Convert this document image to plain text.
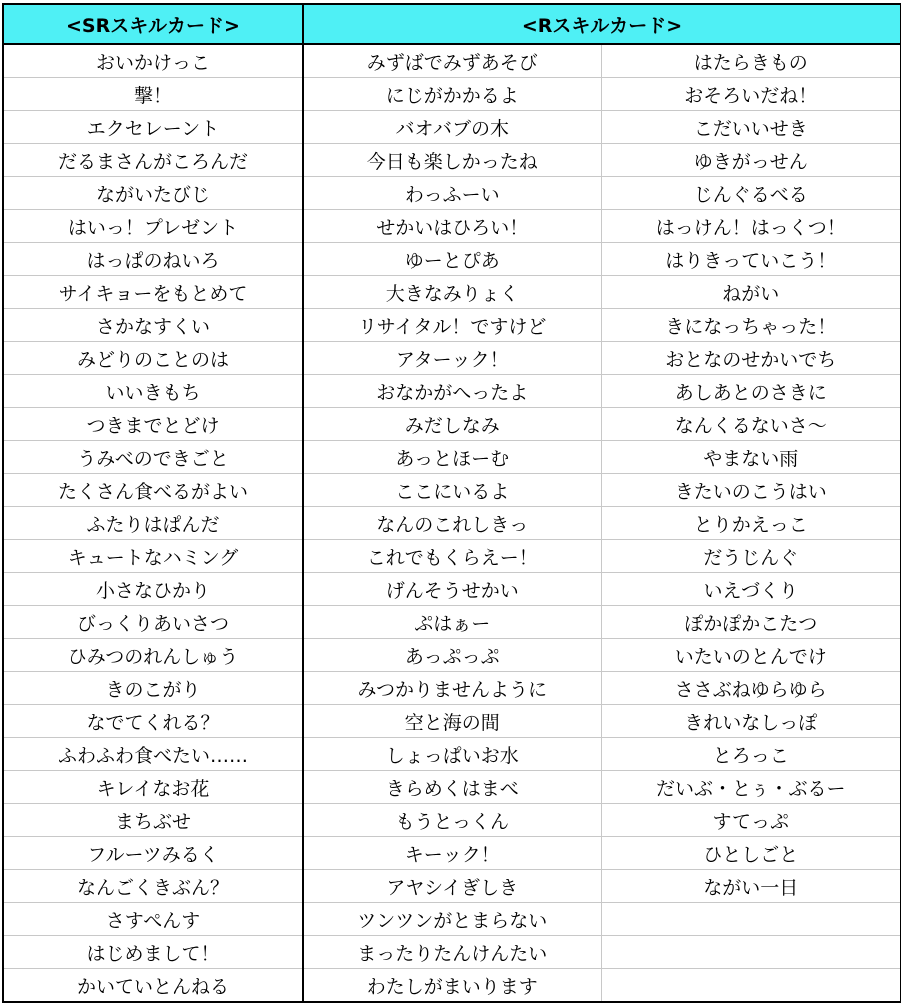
<SRスキルカード>	<Rスキルカード>	
おいかけっこ	みずばでみずあそび	はたらきもの
撃！	にじがかかるよ	おそろいだね！
エクセレーント	バオバブの木	こだいいせき
だるまさんがころんだ	今日も楽しかったね	ゆきがっせん
ながいたびじ	わっふーい	じんぐるべる
はいっ！プレゼント	せかいはひろい！	はっけん！はっくつ！
はっぱのねいろ	ゆーとぴあ	はりきっていこう！
サイキョーをもとめて	大きなみりょく	ねがい
さかなすくい	リサイタル！ですけど	きになっちゃった！
みどりのことのは	アターック！	おとなのせかいでち
いいきもち	おなかがへったよ	あしあとのさきに
つきまでとどけ	みだしなみ	なんくるないさ～
うみべのできごと	あっとほーむ	やまない雨
たくさん食べるがよい	ここにいるよ	きたいのこうはい
ふたりはぱんだ	なんのこれしきっ	とりかえっこ
キュートなハミング	これでもくらえー！	だうじんぐ
小さなひかり	げんそうせかい	いえづくり
びっくりあいさつ	ぷはぁー	ぽかぽかこたつ
ひみつのれんしゅう	あっぷっぷ	いたいのとんでけ
きのこがり	みつかりませんように	ささぶねゆらゆら
なでてくれる？	空と海の間	きれいなしっぽ
ふわふわ食べたい……	しょっぱいお水	とろっこ
キレイなお花	きらめくはまべ	だいぶ・とぅ・ぶるー
まちぶせ	もうとっくん	すてっぷ
フルーツみるく	キーック！	ひとしごと
なんごくきぶん？	アヤシイぎしき	ながい一日
さすぺんす	ツンツンがとまらない	
はじめまして！	まったりたんけんたい	
かいていとんねる	わたしがまいります	
